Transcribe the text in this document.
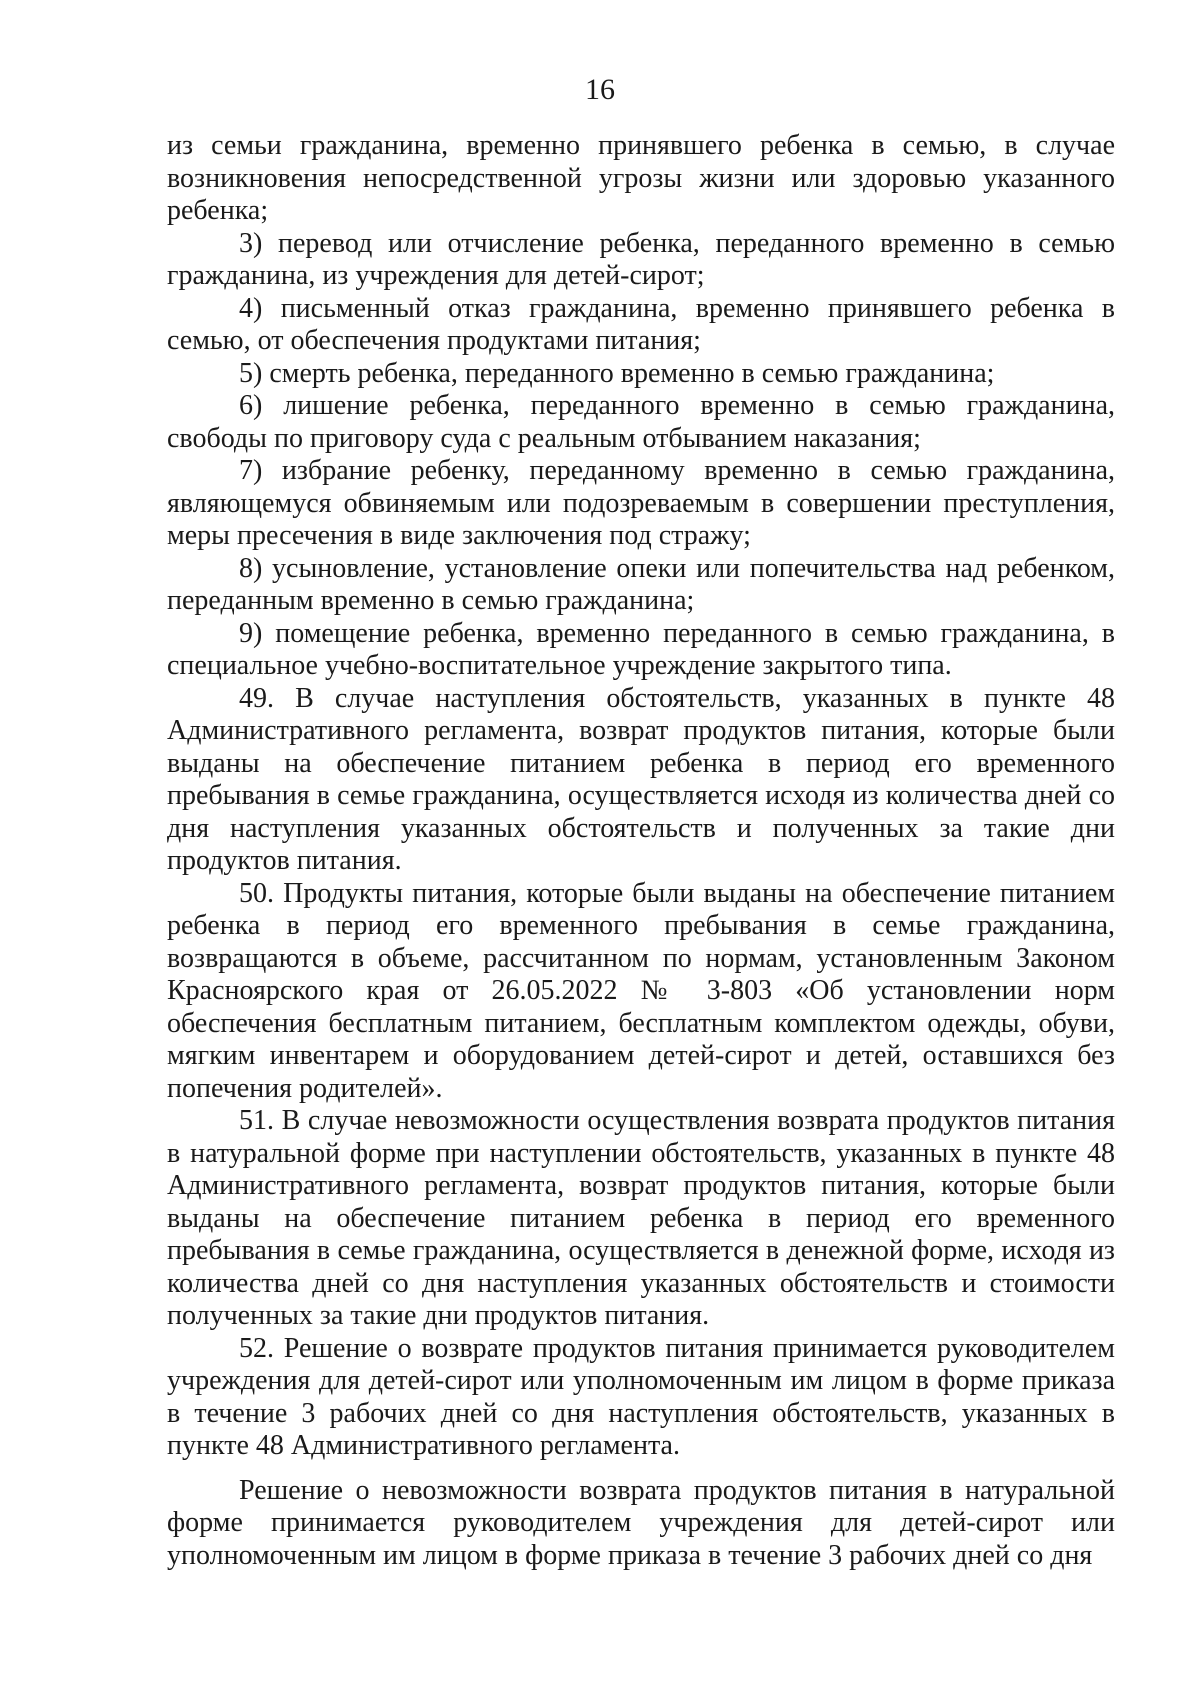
16

из семьи гражданина, временно принявшего ребенка в семью, в случае возникновения непосредственной угрозы жизни или здоровью указанного ребенка;

3) перевод или отчисление ребенка, переданного временно в семью гражданина, из учреждения для детей-сирот;

4) письменный отказ гражданина, временно принявшего ребенка в семью, от обеспечения продуктами питания;

5) смерть ребенка, переданного временно в семью гражданина;

6) лишение ребенка, переданного временно в семью гражданина, свободы по приговору суда с реальным отбыванием наказания;

7) избрание ребенку, переданному временно в семью гражданина, являющемуся обвиняемым или подозреваемым в совершении преступления, меры пресечения в виде заключения под стражу;

8) усыновление, установление опеки или попечительства над ребенком, переданным временно в семью гражданина;

9) помещение ребенка, временно переданного в семью гражданина, в специальное учебно-воспитательное учреждение закрытого типа.

49. В случае наступления обстоятельств, указанных в пункте 48 Административного регламента, возврат продуктов питания, которые были выданы на обеспечение питанием ребенка в период его временного пребывания в семье гражданина, осуществляется исходя из количества дней со дня наступления указанных обстоятельств и полученных за такие дни продуктов питания.

50. Продукты питания, которые были выданы на обеспечение питанием ребенка в период его временного пребывания в семье гражданина, возвращаются в объеме, рассчитанном по нормам, установленным Законом Красноярского края от 26.05.2022 № 3-803 «Об установлении норм обеспечения бесплатным питанием, бесплатным комплектом одежды, обуви, мягким инвентарем и оборудованием детей-сирот и детей, оставшихся без попечения родителей».

51. В случае невозможности осуществления возврата продуктов питания в натуральной форме при наступлении обстоятельств, указанных в пункте 48 Административного регламента, возврат продуктов питания, которые были выданы на обеспечение питанием ребенка в период его временного пребывания в семье гражданина, осуществляется в денежной форме, исходя из количества дней со дня наступления указанных обстоятельств и стоимости полученных за такие дни продуктов питания.

52. Решение о возврате продуктов питания принимается руководителем учреждения для детей-сирот или уполномоченным им лицом в форме приказа в течение 3 рабочих дней со дня наступления обстоятельств, указанных в пункте 48 Административного регламента.

Решение о невозможности возврата продуктов питания в натуральной форме принимается руководителем учреждения для детей-сирот или уполномоченным им лицом в форме приказа в течение 3 рабочих дней со дня
